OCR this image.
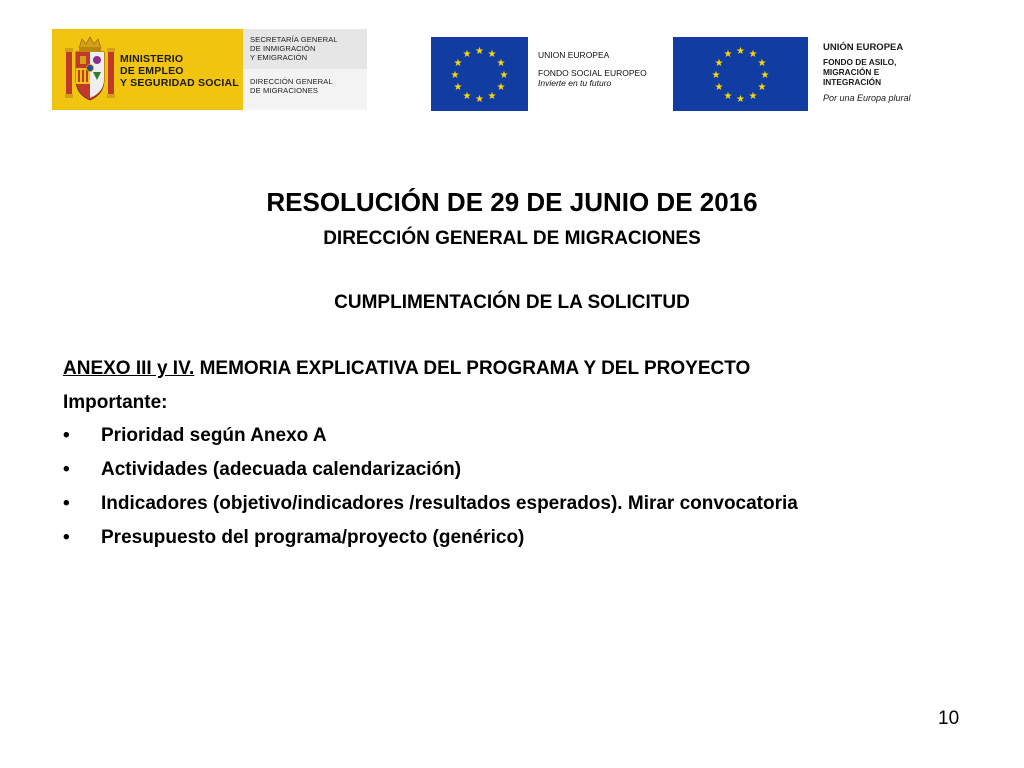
MINISTERIO
DE EMPLEO
Y SEGURIDAD SOCIAL
SECRETARÍA GENERAL
DE INMIGRACIÓN
Y EMIGRACIÓN
DIRECCIÓN GENERAL
DE MIGRACIONES
★ ★
★
★
★
★
★
★
★
★
★
★	UNION EUROPEA
FONDO SOCIAL EUROPEO
Invierte en tu futuro
★ ★
★
★
★
★
★
★
★
★
★
★
UNIÓN EUROPEA
FONDO DE ASILO,
MIGRACIÓN E
INTEGRACIÓN
Por una Europa plural
RESOLUCIÓN DE 29 DE JUNIO DE 2016
DIRECCIÓN GENERAL DE MIGRACIONES
CUMPLIMENTACIÓN DE LA SOLICITUD
ANEXO III y IV. MEMORIA EXPLICATIVA DEL PROGRAMA Y DEL PROYECTO
Importante:
•	Prioridad según Anexo A
•	Actividades (adecuada calendarización)
•	Indicadores (objetivo/indicadores /resultados esperados). Mirar convocatoria
•	Presupuesto del programa/proyecto (genérico)
10
